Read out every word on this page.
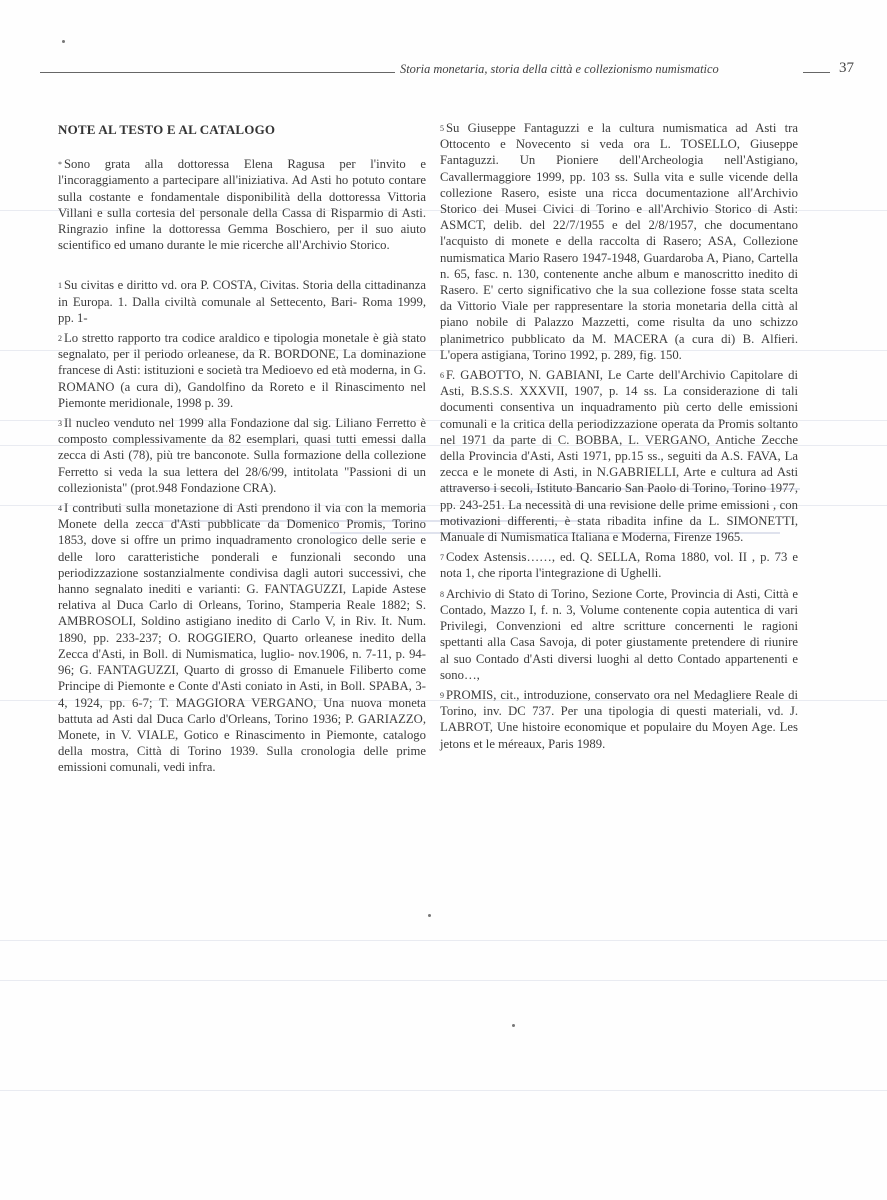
Storia monetaria, storia della città e collezionismo numismatico	37
NOTE AL TESTO E AL CATALOGO

* Sono grata alla dottoressa Elena Ragusa per l'invito e l'incoraggiamento a partecipare all'iniziativa. Ad Asti ho potuto contare sulla costante e fondamentale disponibilità della dottoressa Vittoria Villani e sulla cortesia del personale della Cassa di Risparmio di Asti. Ringrazio infine la dottoressa Gemma Boschiero, per il suo aiuto scientifico ed umano durante le mie ricerche all'Archivio Storico.

$^1$ Su civitas e diritto vd. ora P. COSTA, Civitas. Storia della cittadinanza in Europa. 1. Dalla civiltà comunale al Settecento, Bari- Roma 1999, pp. 1-

$^2$ Lo stretto rapporto tra codice araldico e tipologia monetale è già stato segnalato, per il periodo orleanese, da R. BORDONE, La dominazione francese di Asti: istituzioni e società tra Medioevo ed età moderna, in G. ROMANO (a cura di), Gandolfino da Roreto e il Rinascimento nel Piemonte meridionale, 1998 p. 39.

$^3$ Il nucleo venduto nel 1999 alla Fondazione dal sig. Liliano Ferretto è composto complessivamente da 82 esemplari, quasi tutti emessi dalla zecca di Asti (78), più tre banconote. Sulla formazione della collezione Ferretto si veda la sua lettera del 28/6/99, intitolata "Passioni di un collezionista" (prot.948 Fondazione CRA).

$^4$ I contributi sulla monetazione di Asti prendono il via con la memoria Monete della zecca d'Asti pubblicate da Domenico Promis, Torino 1853, dove si offre un primo inquadramento cronologico delle serie e delle loro caratteristiche ponderali e funzionali secondo una periodizzazione sostanzialmente condivisa dagli autori successivi, che hanno segnalato inediti e varianti: G. FANTAGUZZI, Lapide Astese relativa al Duca Carlo di Orleans, Torino, Stamperia Reale 1882; S. AMBROSOLI, Soldino astigiano inedito di Carlo V, in Riv. It. Num. 1890, pp. 233-237; O. ROGGIERO, Quarto orleanese inedito della Zecca d'Asti, in Boll. di Numismatica, luglio- nov.1906, n. 7-11, p. 94-96; G. FANTAGUZZI, Quarto di grosso di Emanuele Filiberto come Principe di Piemonte e Conte d'Asti coniato in Asti, in Boll. SPABA, 3-4, 1924, pp. 6-7; T. MAGGIORA VERGANO, Una nuova moneta battuta ad Asti dal Duca Carlo d'Orleans, Torino 1936; P. GARIAZZO, Monete, in V. VIALE, Gotico e Rinascimento in Piemonte, catalogo della mostra, Città di Torino 1939. Sulla cronologia delle prime emissioni comunali, vedi infra.

$^5$ Su Giuseppe Fantaguzzi e la cultura numismatica ad Asti tra Ottocento e Novecento si veda ora L. TOSELLO, Giuseppe Fantaguzzi. Un Pioniere dell'Archeologia nell'Astigiano, Cavallermaggiore 1999, pp. 103 ss. Sulla vita e sulle vicende della collezione Rasero, esiste una ricca documentazione all'Archivio Storico dei Musei Civici di Torino e all'Archivio Storico di Asti: ASMCT, delib. del 22/7/1955 e del 2/8/1957, che documentano l'acquisto di monete e della raccolta di Rasero; ASA, Collezione numismatica Mario Rasero 1947-1948, Guardaroba A, Piano, Cartella n. 65, fasc. n. 130, contenente anche album e manoscritto inedito di Rasero. E' certo significativo che la sua collezione fosse stata scelta da Vittorio Viale per rappresentare la storia monetaria della città al piano nobile di Palazzo Mazzetti, come risulta da uno schizzo planimetrico pubblicato da M. MACERA (a cura di) B. Alfieri. L'opera astigiana, Torino 1992, p. 289, fig. 150.

$^6$ F. GABOTTO, N. GABIANI, Le Carte dell'Archivio Capitolare di Asti, B.S.S.S. XXXVII, 1907, p. 14 ss. La considerazione di tali documenti consentiva un inquadramento più certo delle emissioni comunali e la critica della periodizzazione operata da Promis soltanto nel 1971 da parte di C. BOBBA, L. VERGANO, Antiche Zecche della Provincia d'Asti, Asti 1971, pp.15 ss., seguiti da A.S. FAVA, La zecca e le monete di Asti, in N.GABRIELLI, Arte e cultura ad Asti attraverso i secoli, Istituto Bancario San Paolo di Torino, Torino 1977, pp. 243-251. La necessità di una revisione delle prime emissioni , con motivazioni differenti, è stata ribadita infine da L. SIMONETTI, Manuale di Numismatica Italiana e Moderna, Firenze 1965.

$^7$ Codex Astensis……, ed. Q. SELLA, Roma 1880, vol. II , p. 73 e nota 1, che riporta l'integrazione di Ughelli.

$^8$ Archivio di Stato di Torino, Sezione Corte, Provincia di Asti, Città e Contado, Mazzo I, f. n. 3, Volume contenente copia autentica di vari Privilegi, Convenzioni ed altre scritture concernenti le ragioni spettanti alla Casa Savoja, di poter giustamente pretendere di riunire al suo Contado d'Asti diversi luoghi al detto Contado appartenenti e sono…,

$^9$ PROMIS, cit., introduzione, conservato ora nel Medagliere Reale di Torino, inv. DC 737. Per una tipologia di questi materiali, vd. J. LABROT, Une histoire economique et populaire du Moyen Age. Les jetons et le méreaux, Paris 1989.
